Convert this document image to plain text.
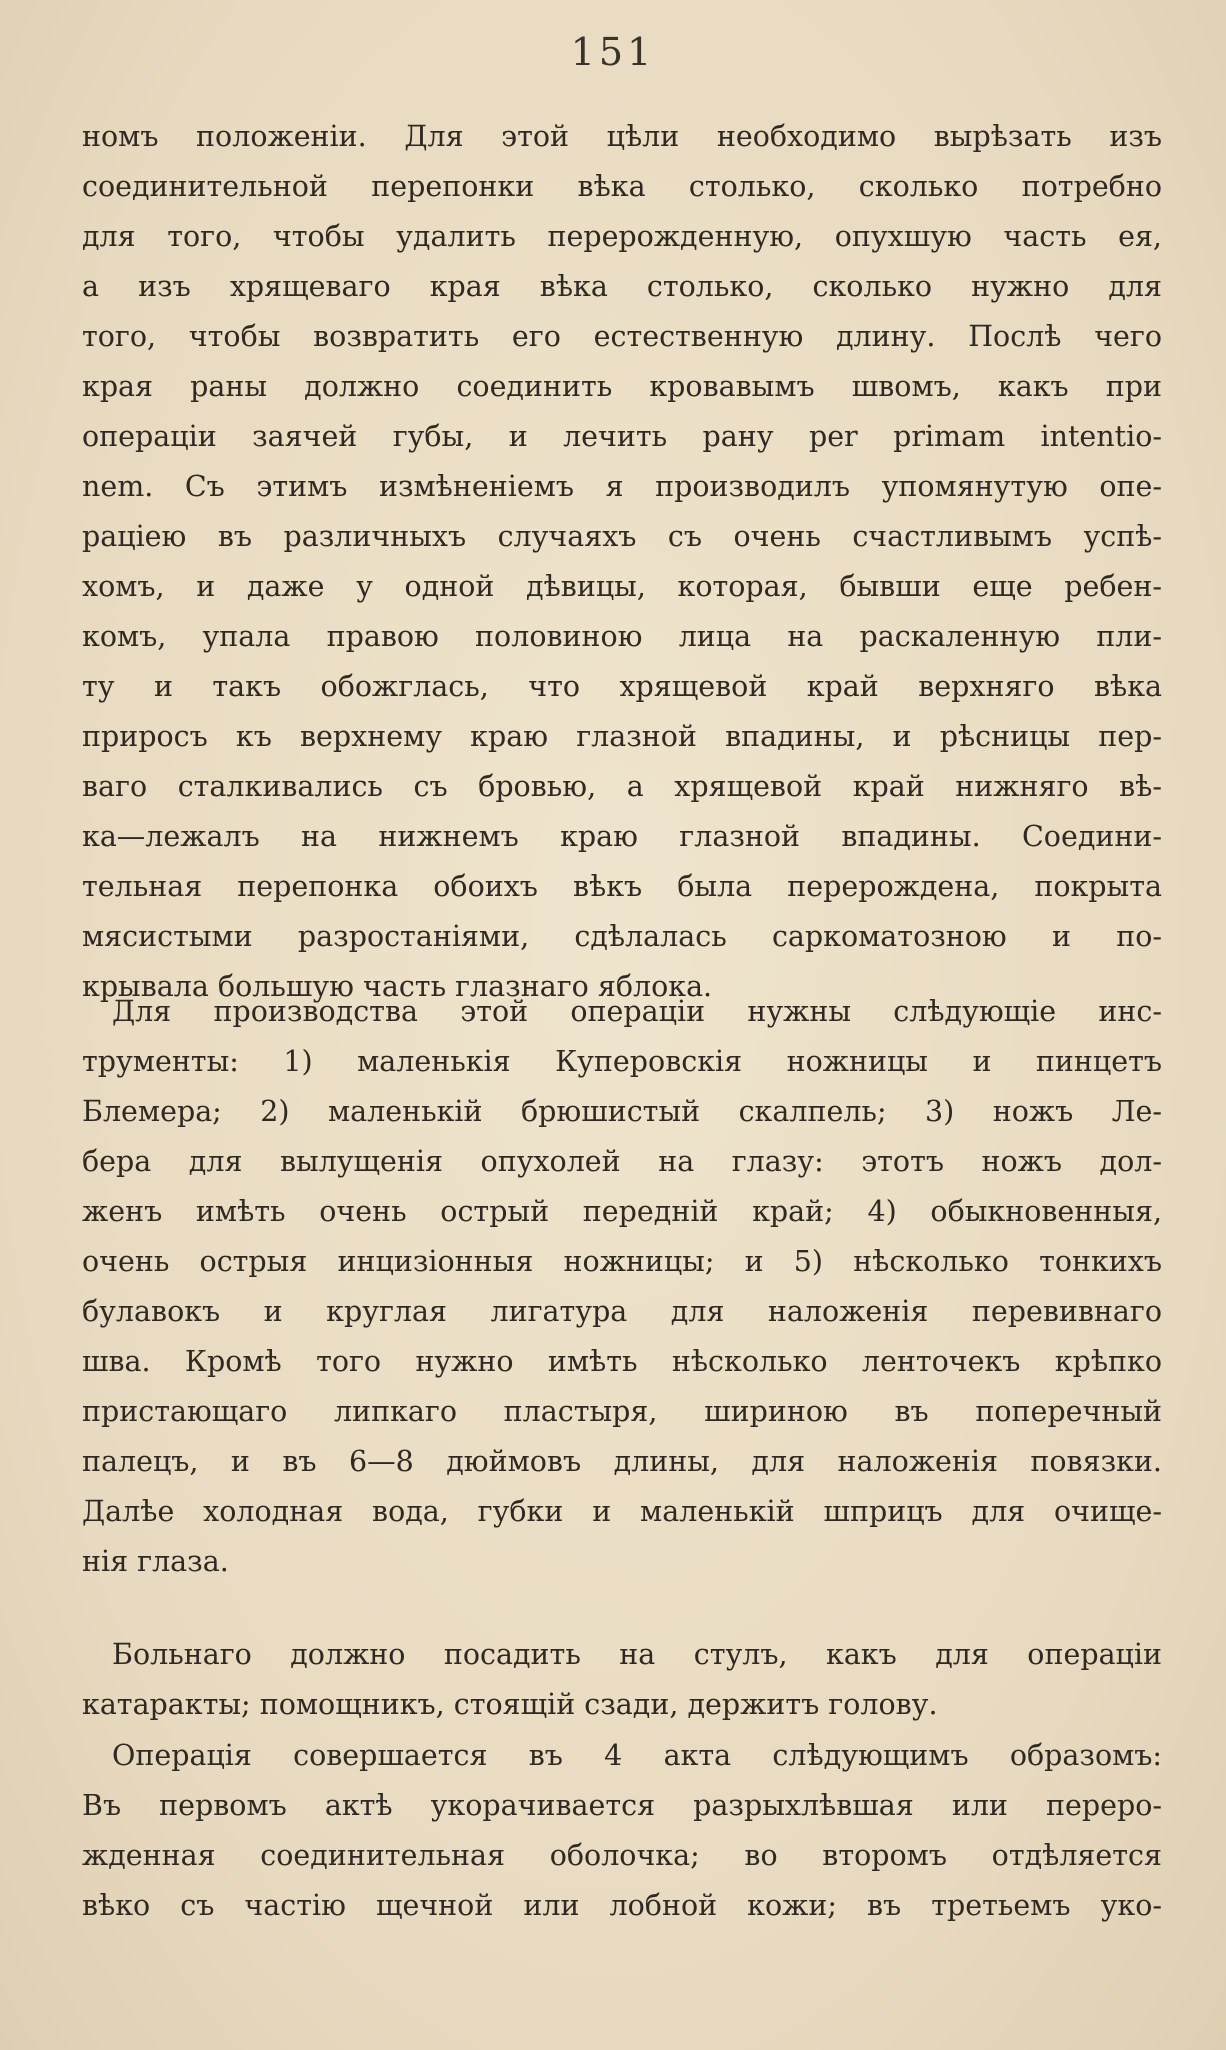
151
номъ положеніи. Для этой цѣли необходимо вырѣзать изъ
соединительной перепонки вѣка столько, сколько потребно
для того, чтобы удалить перерожденную, опухшую часть ея,
а изъ хрящеваго края вѣка столько, сколько нужно для
того, чтобы возвратить его естественную длину. Послѣ чего
края раны должно соединить кровавымъ швомъ, какъ при
операціи заячей губы, и лечить рану per primam intentio-
nem. Съ этимъ измѣненіемъ я производилъ упомянутую опе-
раціею въ различныхъ случаяхъ съ очень счастливымъ успѣ-
хомъ, и даже у одной дѣвицы, которая, бывши еще ребен-
комъ, упала правою половиною лица на раскаленную пли-
ту и такъ обожглась, что хрящевой край верхняго вѣка
приросъ къ верхнему краю глазной впадины, и рѣсницы пер-
ваго сталкивались съ бровью, а хрящевой край нижняго вѣ-
ка—лежалъ на нижнемъ краю глазной впадины. Соедини-
тельная перепонка обоихъ вѣкъ была перерождена, покрыта
мясистыми разростаніями, сдѣлалась саркоматозною и по-
крывала большую часть глазнаго яблока.
Для производства этой операціи нужны слѣдующіе инс-
трументы: 1) маленькія Куперовскія ножницы и пинцетъ
Блемера; 2) маленькій брюшистый скалпель; 3) ножъ Ле-
бера для вылущенія опухолей на глазу: этотъ ножъ дол-
женъ имѣть очень острый передній край; 4) обыкновенныя,
очень острыя инцизіонныя ножницы; и 5) нѣсколько тонкихъ
булавокъ и круглая лигатура для наложенія перевивнаго
шва. Кромѣ того нужно имѣть нѣсколько ленточекъ крѣпко
пристающаго липкаго пластыря, шириною въ поперечный
палецъ, и въ 6—8 дюймовъ длины, для наложенія повязки.
Далѣе холодная вода, губки и маленькій шприцъ для очище-
нія глаза.
Больнаго должно посадить на стулъ, какъ для операціи
катаракты; помощникъ, стоящій сзади, держитъ голову.
Операція совершается въ 4 акта слѣдующимъ образомъ:
Въ первомъ актѣ укорачивается разрыхлѣвшая или переро-
жденная соединительная оболочка; во второмъ отдѣляется
вѣко съ частію щечной или лобной кожи; въ третьемъ уко-
